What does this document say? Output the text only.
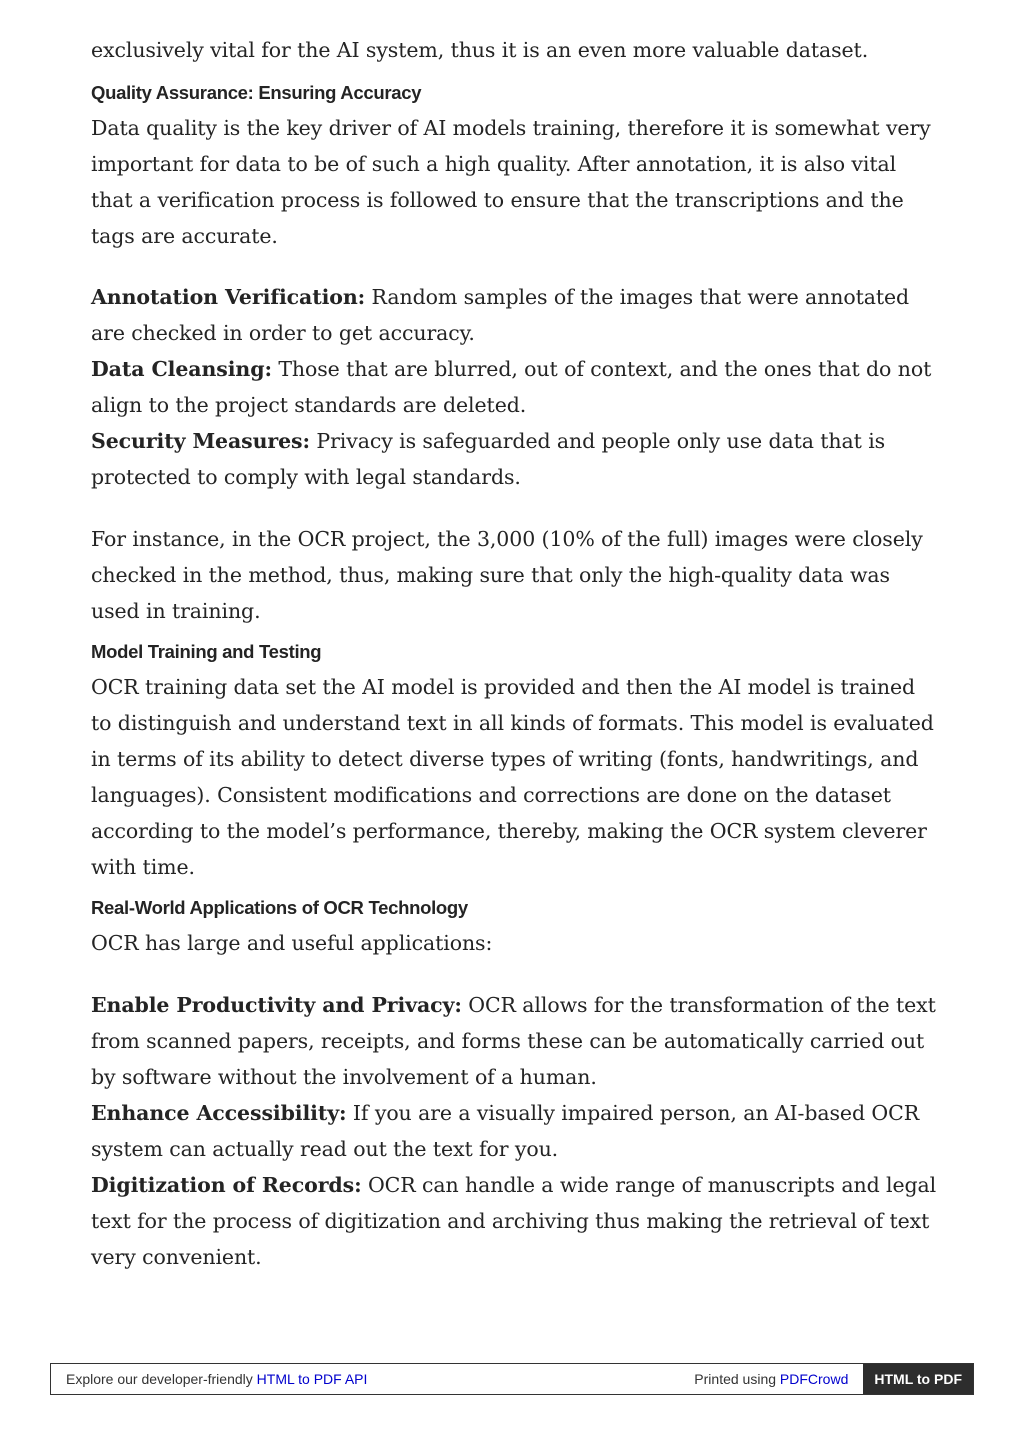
exclusively vital for the AI system, thus it is an even more valuable dataset.

Quality Assurance: Ensuring Accuracy

Data quality is the key driver of AI models training, therefore it is somewhat very important for data to be of such a high quality. After annotation, it is also vital that a verification process is followed to ensure that the transcriptions and the tags are accurate.

Annotation Verification: Random samples of the images that were annotated are checked in order to get accuracy.

Data Cleansing: Those that are blurred, out of context, and the ones that do not align to the project standards are deleted.

Security Measures: Privacy is safeguarded and people only use data that is protected to comply with legal standards.

For instance, in the OCR project, the 3,000 (10% of the full) images were closely checked in the method, thus, making sure that only the high-quality data was used in training.

Model Training and Testing

OCR training data set the AI model is provided and then the AI model is trained to distinguish and understand text in all kinds of formats. This model is evaluated in terms of its ability to detect diverse types of writing (fonts, handwritings, and languages). Consistent modifications and corrections are done on the dataset according to the model’s performance, thereby, making the OCR system cleverer with time.

Real-World Applications of OCR Technology

OCR has large and useful applications:

Enable Productivity and Privacy: OCR allows for the transformation of the text from scanned papers, receipts, and forms these can be automatically carried out by software without the involvement of a human.

Enhance Accessibility: If you are a visually impaired person, an AI-based OCR system can actually read out the text for you.

Digitization of Records: OCR can handle a wide range of manuscripts and legal text for the process of digitization and archiving thus making the retrieval of text very convenient.

Explore our developer-friendly HTML to PDF API	Printed using PDFCrowd	HTML to PDF
